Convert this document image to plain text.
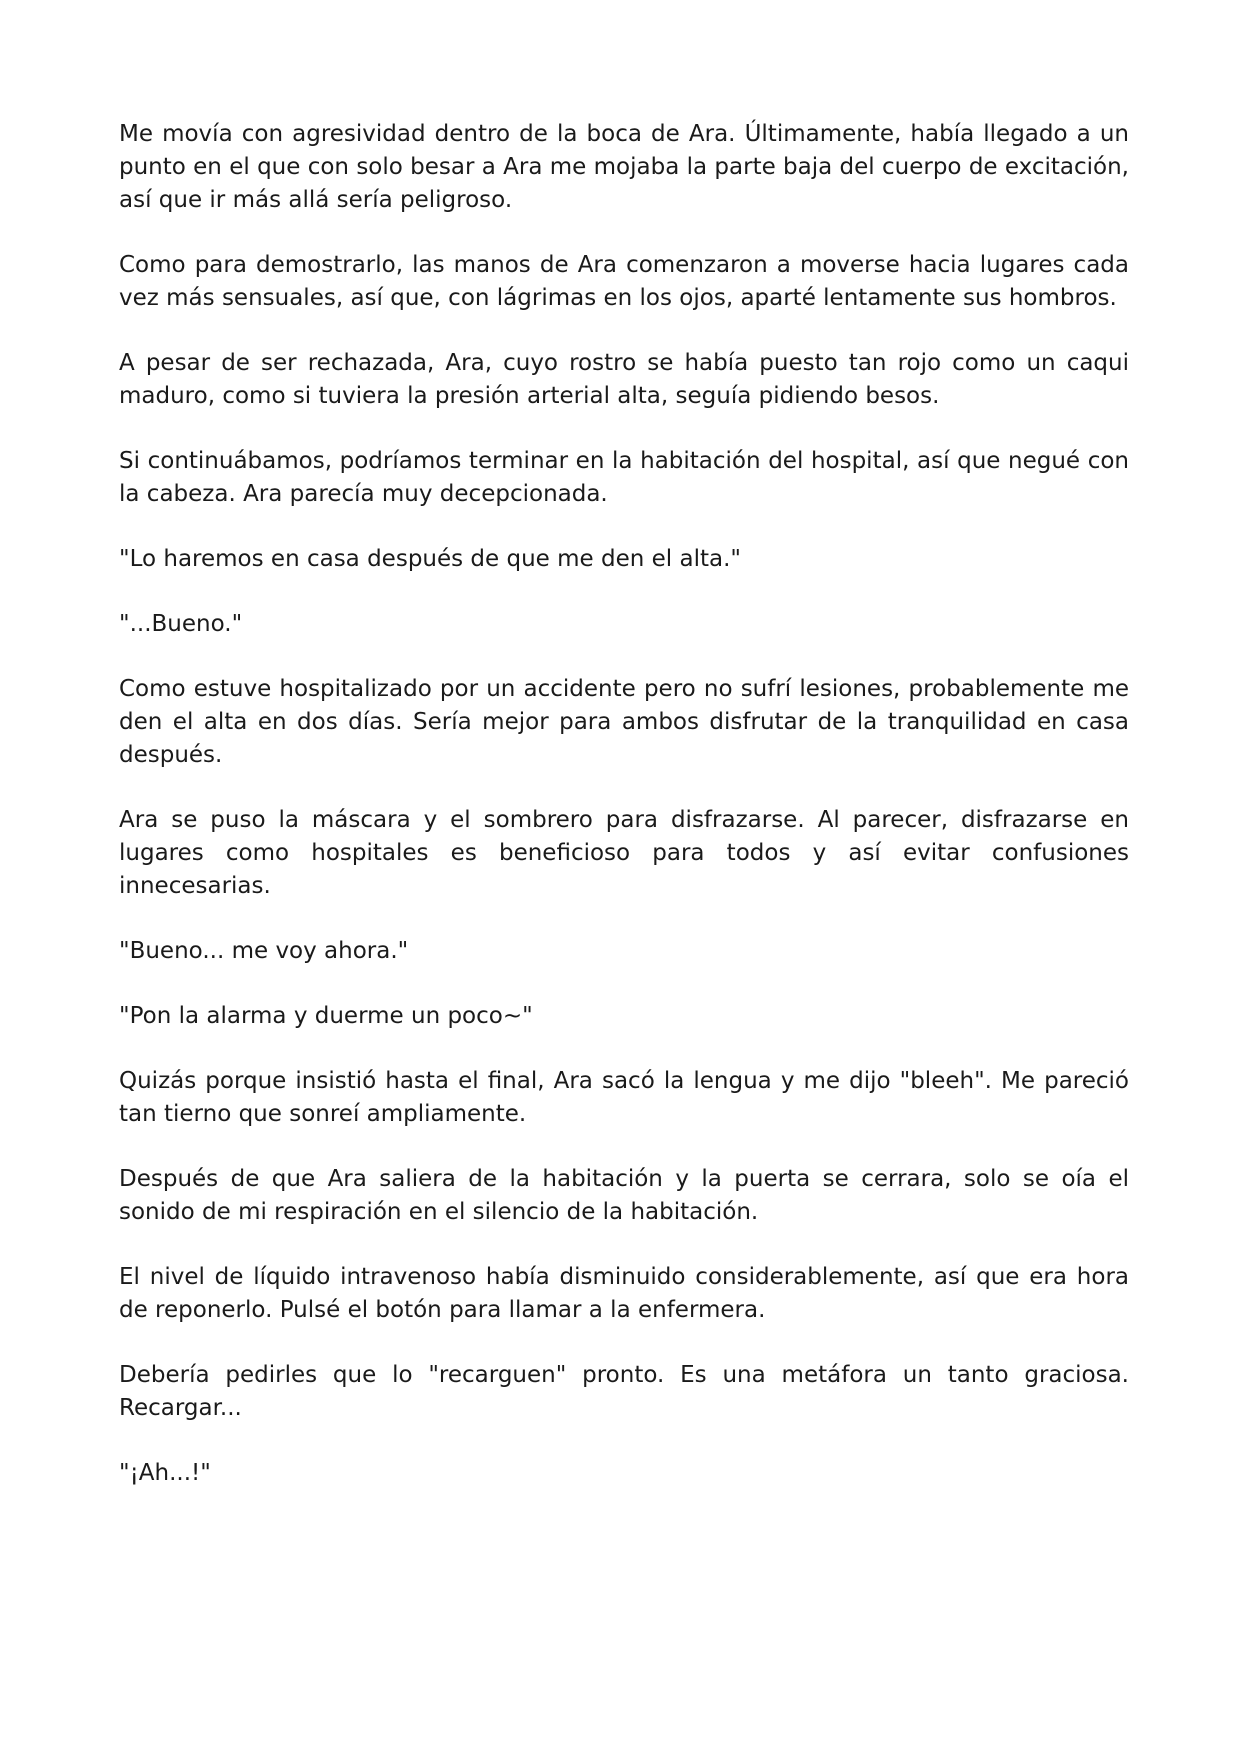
Me movía con agresividad dentro de la boca de Ara. Últimamente, había llegado a un punto en el que con solo besar a Ara me mojaba la parte baja del cuerpo de excitación, así que ir más allá sería peligroso.

Como para demostrarlo, las manos de Ara comenzaron a moverse hacia lugares cada vez más sensuales, así que, con lágrimas en los ojos, aparté lentamente sus hombros.

A pesar de ser rechazada, Ara, cuyo rostro se había puesto tan rojo como un caqui maduro, como si tuviera la presión arterial alta, seguía pidiendo besos.

Si continuábamos, podríamos terminar en la habitación del hospital, así que negué con la cabeza. Ara parecía muy decepcionada.

"Lo haremos en casa después de que me den el alta."

"...Bueno."

Como estuve hospitalizado por un accidente pero no sufrí lesiones, probablemente me den el alta en dos días. Sería mejor para ambos disfrutar de la tranquilidad en casa después.

Ara se puso la máscara y el sombrero para disfrazarse. Al parecer, disfrazarse en lugares como hospitales es beneficioso para todos y así evitar confusiones innecesarias.

"Bueno... me voy ahora."

"Pon la alarma y duerme un poco~"

Quizás porque insistió hasta el final, Ara sacó la lengua y me dijo "bleeh". Me pareció tan tierno que sonreí ampliamente.

Después de que Ara saliera de la habitación y la puerta se cerrara, solo se oía el sonido de mi respiración en el silencio de la habitación.

El nivel de líquido intravenoso había disminuido considerablemente, así que era hora de reponerlo. Pulsé el botón para llamar a la enfermera.

Debería pedirles que lo "recarguen" pronto. Es una metáfora un tanto graciosa. Recargar...

"¡Ah...!"
